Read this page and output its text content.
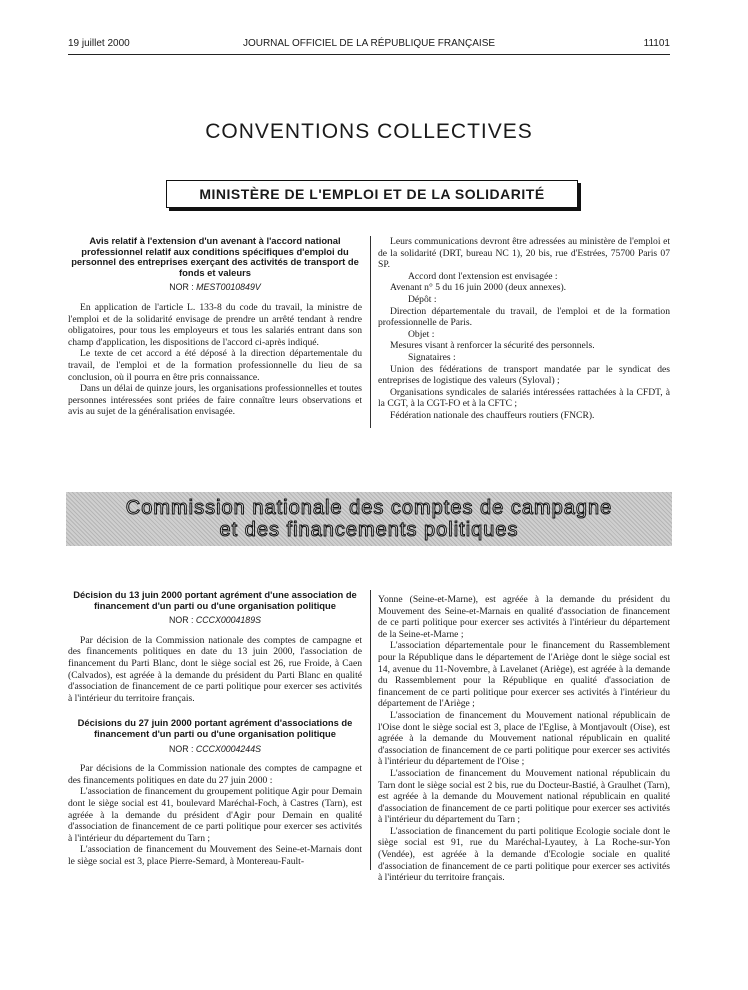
19 juillet 2000	JOURNAL OFFICIEL DE LA RÉPUBLIQUE FRANÇAISE	11101
CONVENTIONS COLLECTIVES
MINISTÈRE DE L'EMPLOI ET DE LA SOLIDARITÉ
Avis relatif à l'extension d'un avenant à l'accord national professionnel relatif aux conditions spécifiques d'emploi du personnel des entreprises exerçant des activités de transport de fonds et valeurs
NOR : MEST0010849V

En application de l'article L. 133-8 du code du travail, la ministre de l'emploi et de la solidarité envisage de prendre un arrêté tendant à rendre obligatoires, pour tous les employeurs et tous les salariés entrant dans son champ d'application, les dispositions de l'accord ci-après indiqué.

Le texte de cet accord a été déposé à la direction départementale du travail, de l'emploi et de la formation professionnelle du lieu de sa conclusion, où il pourra en être pris connaissance.

Dans un délai de quinze jours, les organisations professionnelles et toutes personnes intéressées sont priées de faire connaître leurs observations et avis au sujet de la généralisation envisagée.

Leurs communications devront être adressées au ministère de l'emploi et de la solidarité (DRT, bureau NC 1), 20 bis, rue d'Estrées, 75700 Paris 07 SP.

Accord dont l'extension est envisagée :

Avenant n° 5 du 16 juin 2000 (deux annexes).

Dépôt :

Direction départementale du travail, de l'emploi et de la formation professionnelle de Paris.

Objet :

Mesures visant à renforcer la sécurité des personnels.

Signataires :

Union des fédérations de transport mandatée par le syndicat des entreprises de logistique des valeurs (Syloval) ;

Organisations syndicales de salariés intéressées rattachées à la CFDT, à la CGT, à la CGT-FO et à la CFTC ;

Fédération nationale des chauffeurs routiers (FNCR).

Commission nationale des comptes de campagne
et des financements politiques
Décision du 13 juin 2000 portant agrément d'une association de financement d'un parti ou d'une organisation politique
NOR : CCCX0004189S

Par décision de la Commission nationale des comptes de campagne et des financements politiques en date du 13 juin 2000, l'association de financement du Parti Blanc, dont le siège social est 26, rue Froide, à Caen (Calvados), est agréée à la demande du président du Parti Blanc en qualité d'association de financement de ce parti politique pour exercer ses activités à l'intérieur du territoire français.

Décisions du 27 juin 2000 portant agrément d'associations de financement d'un parti ou d'une organisation politique
NOR : CCCX0004244S

Par décisions de la Commission nationale des comptes de campagne et des financements politiques en date du 27 juin 2000 :

L'association de financement du groupement politique Agir pour Demain dont le siège social est 41, boulevard Maréchal-Foch, à Castres (Tarn), est agréée à la demande du président d'Agir pour Demain en qualité d'association de financement de ce parti politique pour exercer ses activités à l'intérieur du département du Tarn ;

L'association de financement du Mouvement des Seine-et-Marnais dont le siège social est 3, place Pierre-Semard, à Montereau-Fault-

Yonne (Seine-et-Marne), est agréée à la demande du président du Mouvement des Seine-et-Marnais en qualité d'association de financement de ce parti politique pour exercer ses activités à l'intérieur du département de la Seine-et-Marne ;

L'association départementale pour le financement du Rassemblement pour la République dans le département de l'Ariège dont le siège social est 14, avenue du 11-Novembre, à Lavelanet (Ariège), est agréée à la demande du Rassemblement pour la République en qualité d'association de financement de ce parti politique pour exercer ses activités à l'intérieur du département de l'Ariège ;

L'association de financement du Mouvement national républicain de l'Oise dont le siège social est 3, place de l'Eglise, à Montjavoult (Oise), est agréée à la demande du Mouvement national républicain en qualité d'association de financement de ce parti politique pour exercer ses activités à l'intérieur du département de l'Oise ;

L'association de financement du Mouvement national républicain du Tarn dont le siège social est 2 bis, rue du Docteur-Bastié, à Graulhet (Tarn), est agréée à la demande du Mouvement national républicain en qualité d'association de financement de ce parti politique pour exercer ses activités à l'intérieur du département du Tarn ;

L'association de financement du parti politique Ecologie sociale dont le siège social est 91, rue du Maréchal-Lyautey, à La Roche-sur-Yon (Vendée), est agréée à la demande d'Ecologie sociale en qualité d'association de financement de ce parti politique pour exercer ses activités à l'intérieur du territoire français.
